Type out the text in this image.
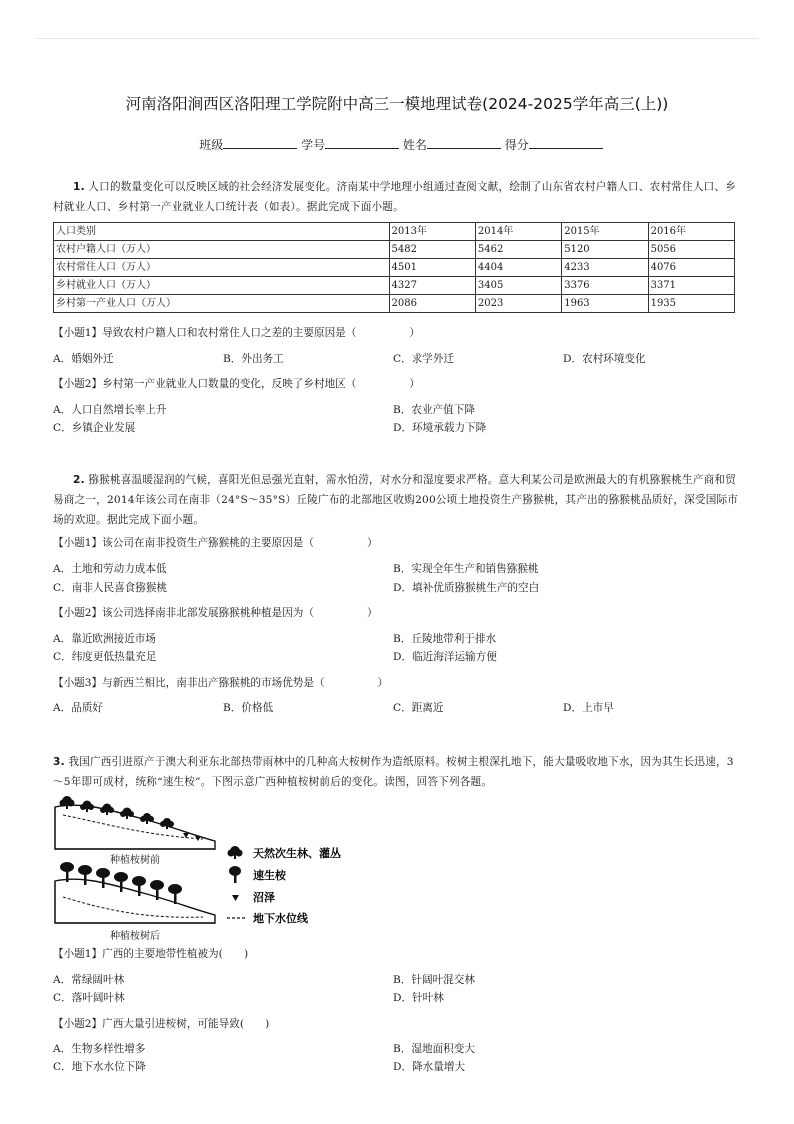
河南洛阳涧西区洛阳理工学院附中高三一模地理试卷(2024-2025学年高三(上))
班级	学号	姓名	得分
1. 人口的数量变化可以反映区域的社会经济发展变化。济南某中学地理小组通过查阅文献，绘制了山东省农村户籍人口、农村常住人口、乡村就业人口、乡村第一产业就业人口统计表（如表）。据此完成下面小题。
人口类别	2013年	2014年	2015年	2016年
农村户籍人口（万人）	5482	5462	5120	5056
农村常住人口（万人）	4501	4404	4233	4076
乡村就业人口（万人）	4327	3405	3376	3371
乡村第一产业人口（万人）	2086	2023	1963	1935
【小题1】导致农村户籍人口和农村常住人口之差的主要原因是（　　　　　）
A．婚姻外迁	B．外出务工	C．求学外迁	D．农村环境变化
【小题2】乡村第一产业就业人口数量的变化，反映了乡村地区（　　　　　）
A．人口自然增长率上升	B．农业产值下降
C．乡镇企业发展	D．环境承载力下降
2. 猕猴桃喜温暖湿润的气候，喜阳光但忌强光直射，需水怕涝，对水分和湿度要求严格。意大利某公司是欧洲最大的有机猕猴桃生产商和贸易商之一，2014年该公司在南非（24°S～35°S）丘陵广布的北部地区收购200公顷土地投资生产猕猴桃，其产出的猕猴桃品质好，深受国际市场的欢迎。据此完成下面小题。
【小题1】该公司在南非投资生产猕猴桃的主要原因是（　　　　　）
A．土地和劳动力成本低	B．实现全年生产和销售猕猴桃
C．南非人民喜食猕猴桃	D．填补优质猕猴桃生产的空白
【小题2】该公司选择南非北部发展猕猴桃种植是因为（　　　　　）
A．靠近欧洲接近市场	B．丘陵地带利于排水
C．纬度更低热量充足	D．临近海洋运输方便
【小题3】与新西兰相比，南非出产猕猴桃的市场优势是（　　　　　）
A．品质好	B．价格低	C．距离近	D．上市早
3. 我国广西引进原产于澳大利亚东北部热带雨林中的几种高大桉树作为造纸原料。桉树主根深扎地下，能大量吸收地下水，因为其生长迅速，3～5年即可成材，统称“速生桉”。下图示意广西种植桉树前后的变化。读图，回答下列各题。
种植桉树前
种植桉树后
天然次生林、灌丛
速生桉
沼泽
地下水位线
【小题1】广西的主要地带性植被为(　　)
A．常绿阔叶林	B．针阔叶混交林
C．落叶阔叶林	D．针叶林
【小题2】广西大量引进桉树，可能导致(　　)
A．生物多样性增多	B．湿地面积变大
C．地下水水位下降	D．降水量增大
